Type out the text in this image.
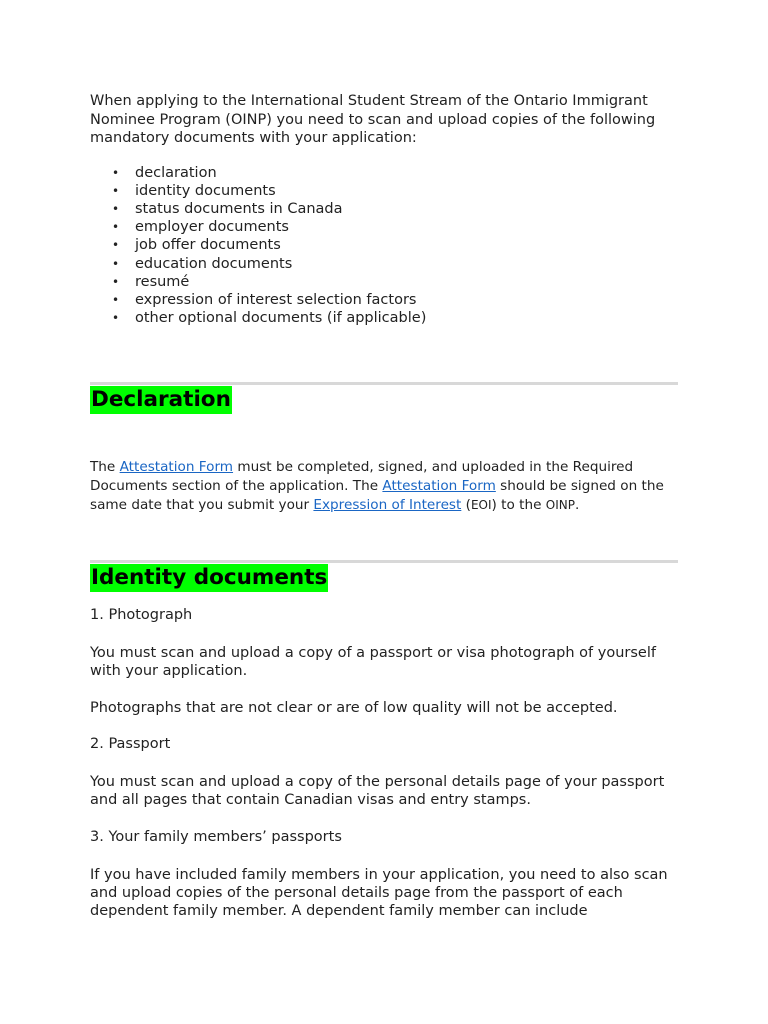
When applying to the International Student Stream of the Ontario Immigrant Nominee Program (OINP) you need to scan and upload copies of the following mandatory documents with your application:

• declaration
• identity documents
• status documents in Canada
• employer documents
• job offer documents
• education documents
• resumé
• expression of interest selection factors
• other optional documents (if applicable)
Declaration

The Attestation Form must be completed, signed, and uploaded in the Required Documents section of the application. The Attestation Form should be signed on the same date that you submit your Expression of Interest (EOI) to the OINP.

Identity documents

1. Photograph

You must scan and upload a copy of a passport or visa photograph of yourself with your application.

Photographs that are not clear or are of low quality will not be accepted.

2. Passport

You must scan and upload a copy of the personal details page of your passport and all pages that contain Canadian visas and entry stamps.

3. Your family members’ passports

If you have included family members in your application, you need to also scan and upload copies of the personal details page from the passport of each dependent family member. A dependent family member can include
